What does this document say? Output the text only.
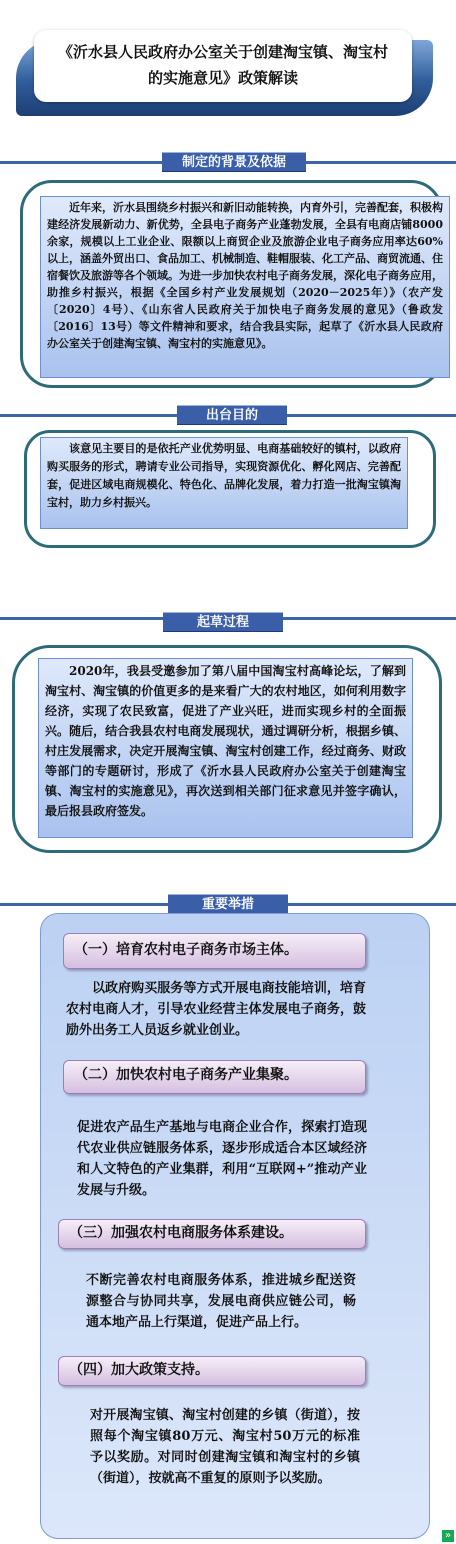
《沂水县人民政府办公室关于创建淘宝镇、淘宝村
的实施意见》政策解读
制定的背景及依据
近年来，沂水县围绕乡村振兴和新旧动能转换，内育外引，完善配套，积极构建经济发展新动力、新优势，全县电子商务产业蓬勃发展，全县有电商店铺8000余家，规模以上工业企业、限额以上商贸企业及旅游企业电子商务应用率达60%以上，涵盖外贸出口、食品加工、机械制造、鞋帽服装、化工产品、商贸流通、住宿餐饮及旅游等各个领域。为进一步加快农村电子商务发展，深化电子商务应用，助推乡村振兴，根据《全国乡村产业发展规划（2020－2025年）》（农产发〔2020〕4号）、《山东省人民政府关于加快电子商务发展的意见》（鲁政发〔2016〕13号）等文件精神和要求，结合我县实际，起草了《沂水县人民政府办公室关于创建淘宝镇、淘宝村的实施意见》。
出台目的
该意见主要目的是依托产业优势明显、电商基础较好的镇村，以政府购买服务的形式，聘请专业公司指导，实现资源优化、孵化网店、完善配套，促进区域电商规模化、特色化、品牌化发展，着力打造一批淘宝镇淘宝村，助力乡村振兴。
起草过程
2020年，我县受邀参加了第八届中国淘宝村高峰论坛，了解到淘宝村、淘宝镇的价值更多的是来看广大的农村地区，如何利用数字经济，实现了农民致富，促进了产业兴旺，进而实现乡村的全面振兴。随后，结合我县农村电商发展现状，通过调研分析，根据乡镇、村庄发展需求，决定开展淘宝镇、淘宝村创建工作，经过商务、财政等部门的专题研讨，形成了《沂水县人民政府办公室关于创建淘宝镇、淘宝村的实施意见》，再次送到相关部门征求意见并签字确认，最后报县政府签发。
重要举措
（一）培育农村电子商务市场主体。
以政府购买服务等方式开展电商技能培训，培育农村电商人才，引导农业经营主体发展电子商务，鼓励外出务工人员返乡就业创业。
（二）加快农村电子商务产业集聚。
促进农产品生产基地与电商企业合作，探索打造现代农业供应链服务体系，逐步形成适合本区域经济和人文特色的产业集群，利用“互联网+”推动产业发展与升级。
（三）加强农村电商服务体系建设。
不断完善农村电商服务体系，推进城乡配送资源整合与协同共享，发展电商供应链公司，畅通本地产品上行渠道，促进产品上行。
（四）加大政策支持。
对开展淘宝镇、淘宝村创建的乡镇（街道），按照每个淘宝镇80万元、淘宝村50万元的标准予以奖励。对同时创建淘宝镇和淘宝村的乡镇（街道），按就高不重复的原则予以奖励。
»
